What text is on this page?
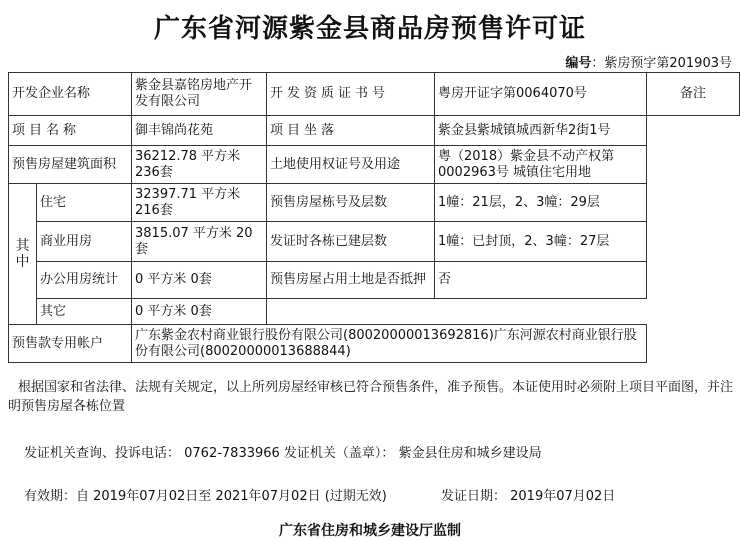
广东省河源紫金县商品房预售许可证
编号：紫房预字第201903号
开发企业名称		紫金县嘉铭房地产开发有限公司	开发资质证书号	粤房开证字第0064070号	备注
项目名称		御丰锦尚花苑	项目坐落	紫金县紫城镇城西新华2街1号	
预售房屋建筑面积		36212.78 平方米236套	土地使用权证号及用途	粤（2018）紫金县不动产权第0002963号 城镇住宅用地	

其
中	住宅	32397.71 平方米216套	预售房屋栋号及层数	1幢：21层，2、3幢：29层	
	商业用房	3815.07 平方米 20套	发证时各栋已建层数	1幢：已封顶，2、3幢：27层	
	办公用房统计	0 平方米 0套	预售房屋占用土地是否抵押	否	
	其它	0 平方米 0套			
预售款专用帐户		广东紫金农村商业银行股份有限公司(80020000013692816)广东河源农村商业银行股份有限公司(80020000013688844)			
根据国家和省法律、法规有关规定，以上所列房屋经审核已符合预售条件，准予预售。本证使用时必须附上项目平面图，并注明预售房屋各栋位置
发证机关查询、投诉电话： 0762-7833966 发证机关（盖章）： 紫金县住房和城乡建设局
有效期：自 2019年07月02日至 2021年07月02日 (过期无效)	发证日期： 2019年07月02日
广东省住房和城乡建设厅监制
